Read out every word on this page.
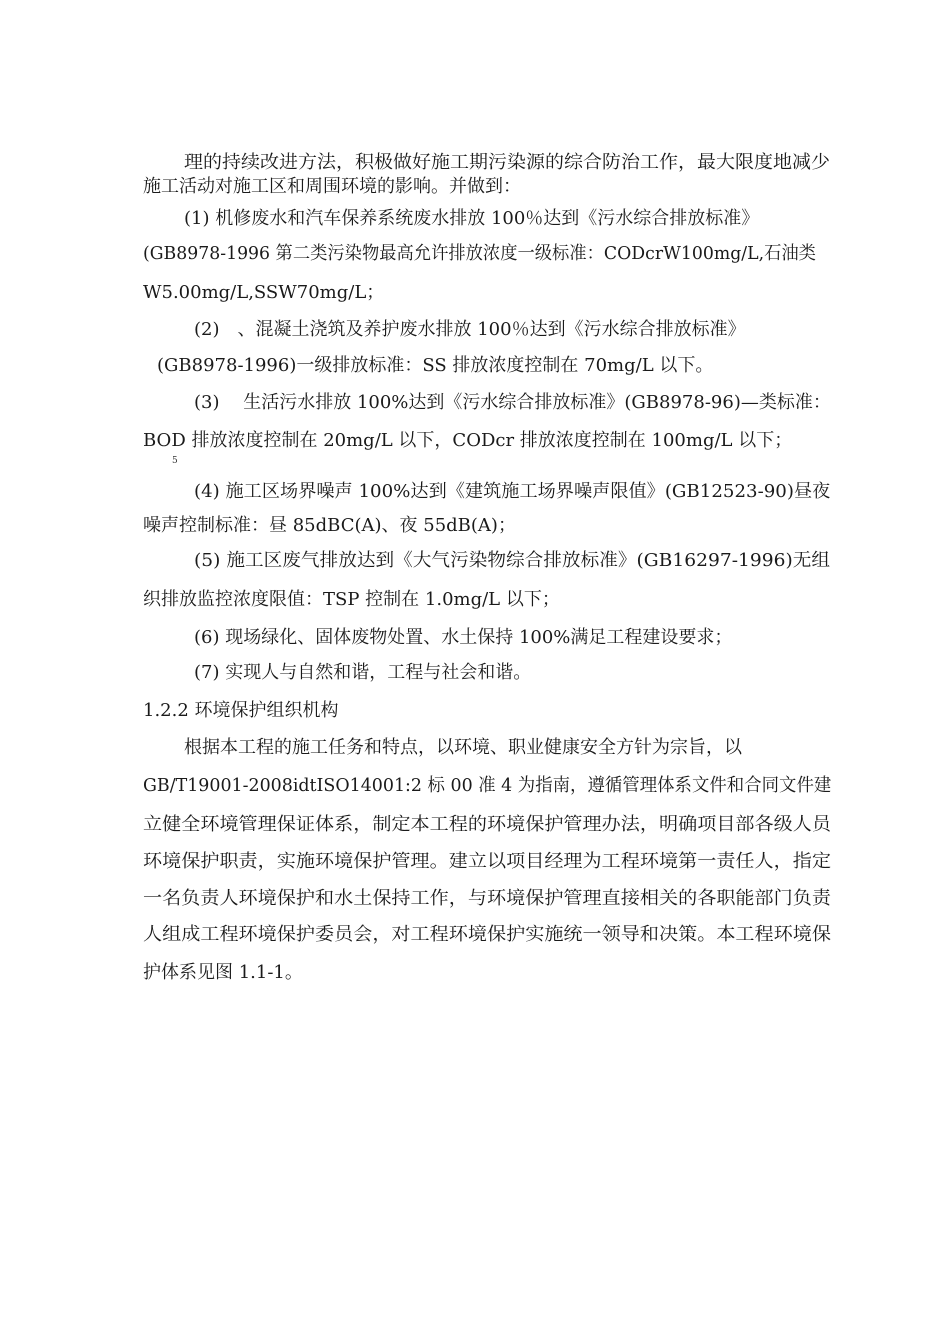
理的持续改进方法，积极做好施工期污染源的综合防治工作，最大限度地减少
施工活动对施工区和周围环境的影响。并做到：
(1) 机修废水和汽车保养系统废水排放 100％达到《污水综合排放标准》
(GB8978-1996 第二类污染物最高允许排放浓度一级标准：CODcrW100mg/L,石油类
W5.00mg/L,SSW70mg/L；
(2)　、混凝土浇筑及养护废水排放 100％达到《污水综合排放标准》
(GB8978-1996)一级排放标准：SS 排放浓度控制在 70mg/L 以下。
(3)　 生活污水排放 100%达到《污水综合排放标准》(GB8978-96)—类标准：
BOD 排放浓度控制在 20mg/L 以下，CODcr 排放浓度控制在 100mg/L 以下；
(4) 施工区场界噪声 100%达到《建筑施工场界噪声限值》(GB12523-90)昼夜
噪声控制标准：昼 85dBC(A)、夜 55dB(A)；
(5) 施工区废气排放达到《大气污染物综合排放标准》(GB16297-1996)无组
织排放监控浓度限值：TSP 控制在 1.0mg/L 以下；
(6) 现场绿化、固体废物处置、水土保持 100%满足工程建设要求；
(7) 实现人与自然和谐，工程与社会和谐。
1.2.2 环境保护组织机构
根据本工程的施工任务和特点，以环境、职业健康安全方针为宗旨，以
GB/T19001-2008idtISO14001:2 标 00 准 4 为指南，遵循管理体系文件和合同文件建
立健全环境管理保证体系，制定本工程的环境保护管理办法，明确项目部各级人员
环境保护职责，实施环境保护管理。建立以项目经理为工程环境第一责任人，指定
一名负责人环境保护和水土保持工作，与环境保护管理直接相关的各职能部门负责
人组成工程环境保护委员会，对工程环境保护实施统一领导和决策。本工程环境保
护体系见图 1.1-1。
5
